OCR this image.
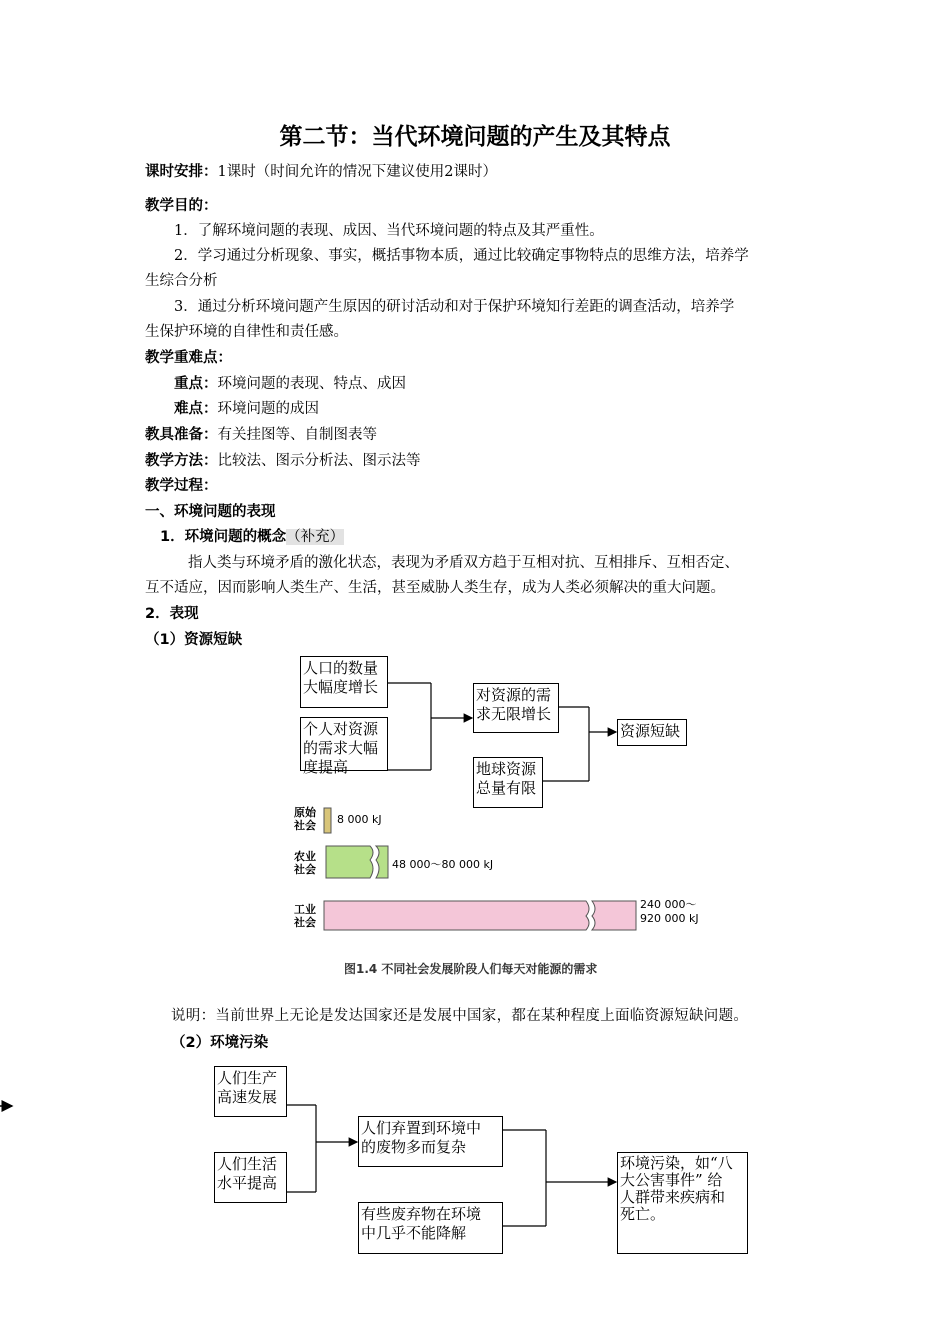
第二节：当代环境问题的产生及其特点
课时安排：1课时（时间允许的情况下建议使用2课时）
教学目的：
1．了解环境问题的表现、成因、当代环境问题的特点及其严重性。
2．学习通过分析现象、事实，概括事物本质，通过比较确定事物特点的思维方法，培养学
生综合分析
3．通过分析环境问题产生原因的研讨活动和对于保护环境知行差距的调查活动，培养学
生保护环境的自律性和责任感。
教学重难点：
重点：环境问题的表现、特点、成因
难点：环境问题的成因
教具准备：有关挂图等、自制图表等
教学方法：比较法、图示分析法、图示法等
教学过程：
一、环境问题的表现
1．环境问题的概念（补充）
指人类与环境矛盾的激化状态，表现为矛盾双方趋于互相对抗、互相排斥、互相否定、
互不适应，因而影响人类生产、生活，甚至威胁人类生存，成为人类必须解决的重大问题。
2．表现
（1）资源短缺
人口的数量
大幅度增长
个人对资源
的需求大幅
度提高
对资源的需
求无限增长
地球资源
总量有限
资源短缺
原始
社会 8 000 kJ
农业
社会	48 000～80 000 kJ
工业
社会
240 000～
920 000 kJ
图1.4 不同社会发展阶段人们每天对能源的需求
说明：当前世界上无论是发达国家还是发展中国家，都在某种程度上面临资源短缺问题。
（2）环境污染
人们生产
高速发展
人们生活
水平提高
人们弃置到环境中
的废物多而复杂
有些废弃物在环境
中几乎不能降解
环境污染，如“八
大公害事件” 给
人群带来疾病和
死亡。
